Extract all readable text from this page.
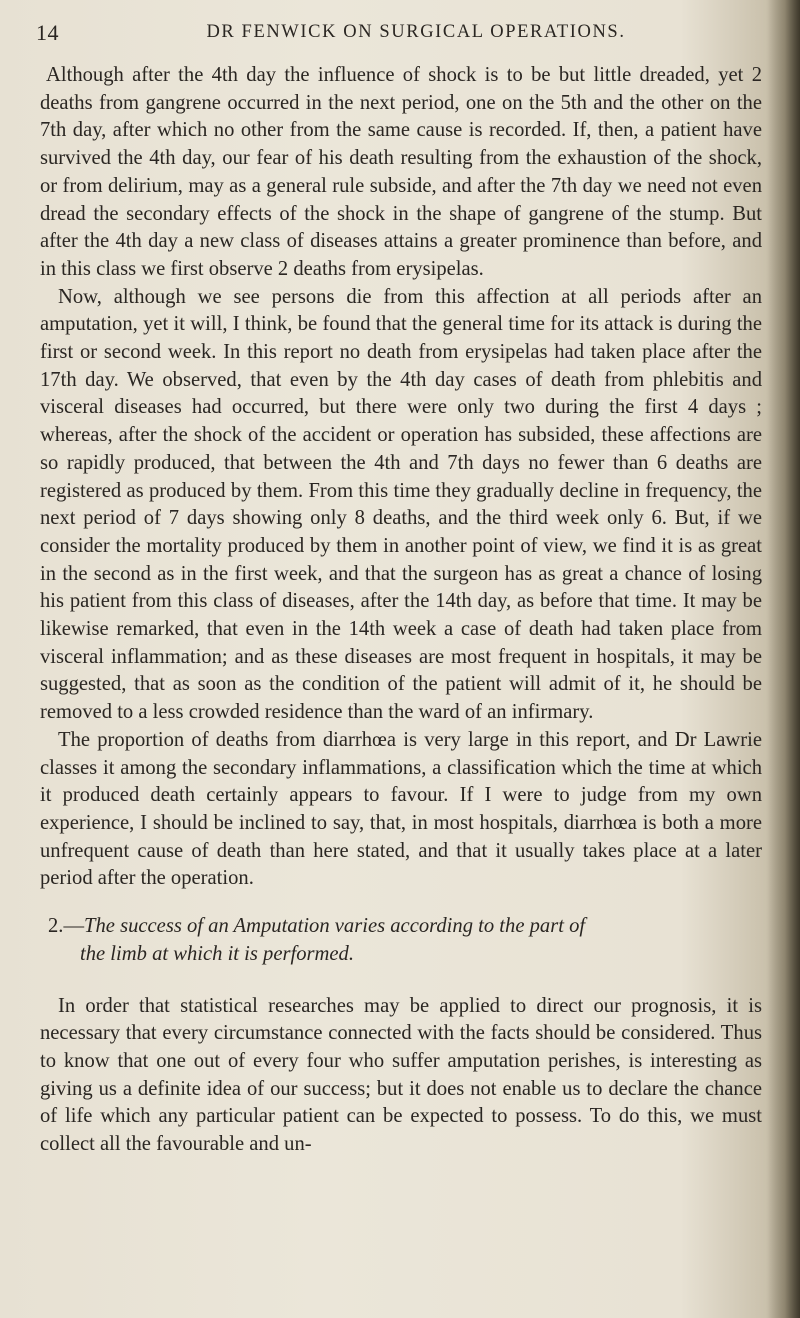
14	DR FENWICK ON SURGICAL OPERATIONS.

Although after the 4th day the influence of shock is to be but little dreaded, yet 2 deaths from gangrene occurred in the next period, one on the 5th and the other on the 7th day, after which no other from the same cause is recorded. If, then, a patient have survived the 4th day, our fear of his death resulting from the exhaustion of the shock, or from delirium, may as a general rule subside, and after the 7th day we need not even dread the secondary effects of the shock in the shape of gangrene of the stump. But after the 4th day a new class of diseases attains a greater prominence than before, and in this class we first observe 2 deaths from erysipelas.

Now, although we see persons die from this affection at all periods after an amputation, yet it will, I think, be found that the general time for its attack is during the first or second week. In this report no death from erysipelas had taken place after the 17th day. We observed, that even by the 4th day cases of death from phlebitis and visceral diseases had occurred, but there were only two during the first 4 days ; whereas, after the shock of the accident or operation has subsided, these affections are so rapidly produced, that between the 4th and 7th days no fewer than 6 deaths are registered as produced by them. From this time they gradually decline in frequency, the next period of 7 days showing only 8 deaths, and the third week only 6. But, if we consider the mortality produced by them in another point of view, we find it is as great in the second as in the first week, and that the surgeon has as great a chance of losing his patient from this class of diseases, after the 14th day, as before that time. It may be likewise remarked, that even in the 14th week a case of death had taken place from visceral inflammation; and as these diseases are most frequent in hospitals, it may be suggested, that as soon as the condition of the patient will admit of it, he should be removed to a less crowded residence than the ward of an infirmary.

The proportion of deaths from diarrhœa is very large in this report, and Dr Lawrie classes it among the secondary inflammations, a classification which the time at which it produced death certainly appears to favour. If I were to judge from my own experience, I should be inclined to say, that, in most hospitals, diarrhœa is both a more unfrequent cause of death than here stated, and that it usually takes place at a later period after the operation.

2.—The success of an Amputation varies according to the part of
the limb at which it is performed.

In order that statistical researches may be applied to direct our prognosis, it is necessary that every circumstance connected with the facts should be considered. Thus to know that one out of every four who suffer amputation perishes, is interesting as giving us a definite idea of our success; but it does not enable us to declare the chance of life which any particular patient can be expected to possess. To do this, we must collect all the favourable and un-
